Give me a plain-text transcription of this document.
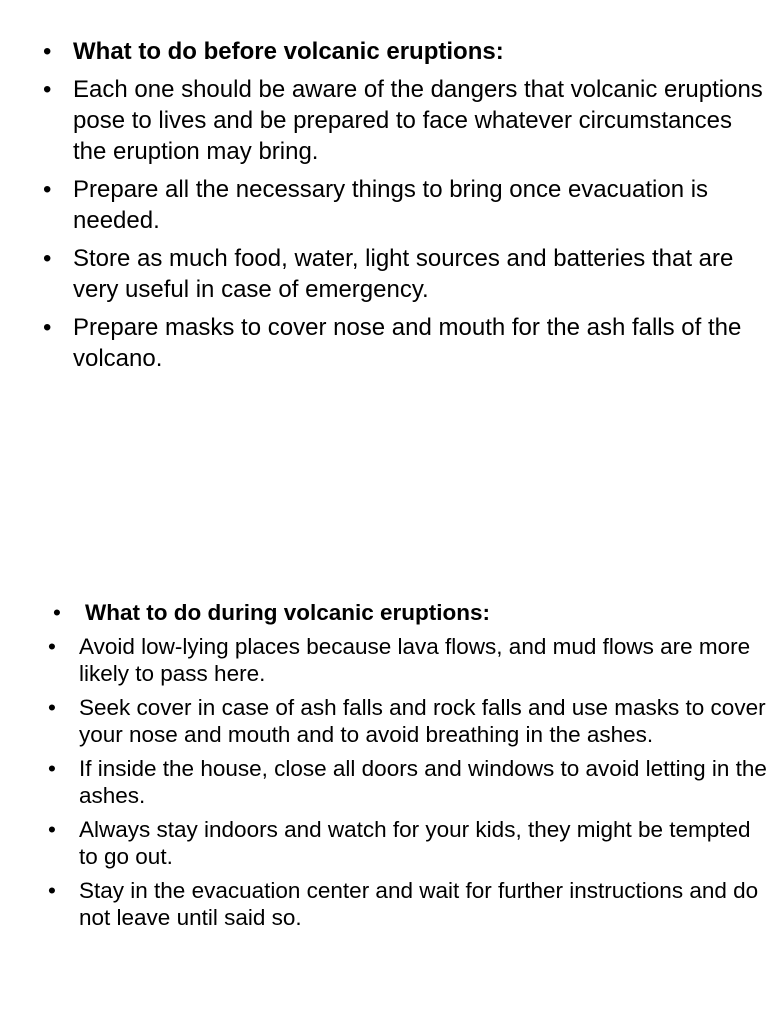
• What to do before volcanic eruptions:
• Each one should be aware of the dangers that volcanic eruptions pose to lives and be prepared to face whatever circumstances the eruption may bring.
• Prepare all the necessary things to bring once evacuation is needed.
• Store as much food, water, light sources and batteries that are very useful in case of emergency.
• Prepare masks to cover nose and mouth for the ash falls of the volcano.
• What to do during volcanic eruptions:
• Avoid low-lying places because lava flows, and mud flows are more likely to pass here.
• Seek cover in case of ash falls and rock falls and use masks to cover your nose and mouth and to avoid breathing in the ashes.
• If inside the house, close all doors and windows to avoid letting in the ashes.
• Always stay indoors and watch for your kids, they might be tempted to go out.
• Stay in the evacuation center and wait for further instructions and do not leave until said so.
